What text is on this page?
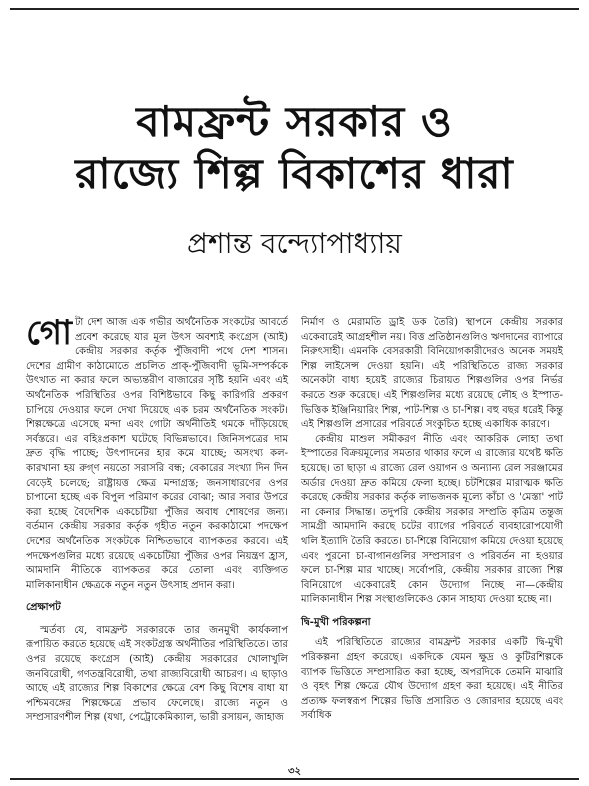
বামফ্রন্ট সরকার ও
রাজ্যে শিল্প বিকাশের ধারা
প্রশান্ত বন্দ্যোপাধ্যায়

গোটা দেশ আজ এক গভীর অর্থনৈতিক সংকটের আবর্তে প্রবেশ করেছে যার মূল উৎস অবশ্যই কংগ্রেস (আই) কেন্দ্রীয় সরকার কর্তৃক পুঁজিবাদী পথে দেশ শাসন। দেশের গ্রামীণ কাঠামোতে প্রচলিত প্রাক্-পুঁজিবাদী ভূমি-সম্পর্ককে উৎখাত না করার ফলে অভ্যন্তরীণ বাজারের সৃষ্টি হয়নি এবং এই অর্থনৈতিক পরিস্থিতির ওপর বিশিষ্টভাবে কিছু কারিগরি প্রকরণ চাপিয়ে দেওয়ার ফলে দেখা দিয়েছে এক চরম অর্থনৈতিক সংকট। শিল্পক্ষেত্রে এসেছে মন্দা এবং গোটা অর্থনীতিই থমকে দাঁড়িয়েছে সর্বস্তরে। এর বহিঃপ্রকাশ ঘটেছে বিভিন্নভাবে। জিনিসপত্রের দাম দ্রুত বৃদ্ধি পাচ্ছে; উৎপাদনের হার কমে যাচ্ছে; অসংখ্য কল-কারখানা হয় রুগ্ণ নয়তো সরাসরি বন্ধ; বেকারের সংখ্যা দিন দিন বেড়েই চলেছে; রাষ্ট্রায়ত্ত ক্ষেত্র মন্দাগ্রস্ত; জনসাধারণের ওপর চাপানো হচ্ছে এক বিপুল পরিমাণ করের বোঝা; আর সবার উপরে করা হচ্ছে বৈদেশিক একচেটিয়া পুঁজির অবাধ শোষণের জন্য। বর্তমান কেন্দ্রীয় সরকার কর্তৃক গৃহীত নতুন করকাঠামো পদক্ষেপ দেশের অর্থনৈতিক সংকটকে নিশ্চিতভাবে ব্যাপকতর করবে। এই পদক্ষেপগুলির মধ্যে রয়েছে একচেটিয়া পুঁজির ওপর নিয়ন্ত্রণ হ্রাস, আমদানি নীতিকে ব্যাপকতর করে তোলা এবং ব্যক্তিগত মালিকানাধীন ক্ষেত্রকে নতুন নতুন উৎসাহ প্রদান করা।

প্রেক্ষাপট

স্মর্তব্য যে, বামফ্রন্ট সরকারকে তার জনমুখী কার্যকলাপ রূপায়িত করতে হয়েছে এই সংকটগ্রস্ত অর্থনীতির পরিস্থিতিতে। তার ওপর রয়েছে কংগ্রেস (আই) কেন্দ্রীয় সরকারের খোলাখুলি জনবিরোধী, গণতন্ত্রবিরোধী, তথা রাজ্যবিরোধী আচরণ। এ ছাড়াও আছে এই রাজ্যের শিল্প বিকাশের ক্ষেত্রে বেশ কিছু বিশেষ বাধা যা পশ্চিমবঙ্গের শিল্পক্ষেত্রে প্রভাব ফেলেছে। রাজ্যে নতুন ও সম্প্রসারণশীল শিল্প (যথা, পেট্রোকেমিক্যাল, ভারী রসায়ন, জাহাজ

নির্মাণ ও মেরামতি ড্রাই ডক তৈরি) স্থাপনে কেন্দ্রীয় সরকার একেবারেই আগ্রহশীল নয়। বিত্ত প্রতিষ্ঠানগুলিও ঋণদানের ব্যাপারে নিরুৎসাহী। এমনকি বেসরকারী বিনিয়োগকারীদেরও অনেক সময়ই শিল্প লাইসেন্স দেওয়া হয়নি। এই পরিস্থিতিতে রাজ্য সরকার অনেকটা বাধ্য হয়েই রাজ্যের চিরায়ত শিল্পগুলির ওপর নির্ভর করতে শুরু করেছে। এই শিল্পগুলির মধ্যে রয়েছে লৌহ ও ইস্পাত-ভিত্তিক ইঞ্জিনিয়ারিং শিল্প, পাট-শিল্প ও চা-শিল্প। বহু বছর ধরেই কিন্তু এই শিল্পগুলি প্রসারের পরিবর্তে সংকুচিত হচ্ছে একাধিক কারণে।

কেন্দ্রীয় মাশুল সমীকরণ নীতি এবং আকরিক লোহা তথা ইস্পাতের বিক্রয়মূল্যের সমতার থাকার ফলে এ রাজ্যের যথেষ্ট ক্ষতি হয়েছে। তা ছাড়া এ রাজ্যে রেল ওয়াগন ও অন্যান্য রেল সরঞ্জামের অর্ডার দেওয়া দ্রুত কমিয়ে ফেলা হচ্ছে। চটশিল্পের মারাত্মক ক্ষতি করেছে কেন্দ্রীয় সরকার কর্তৃক লাভজনক মূল্যে কাঁচা ও 'মেস্তা' পাট না কেনার সিদ্ধান্ত। তদুপরি কেন্দ্রীয় সরকার সম্প্রতি কৃত্রিম তন্তুজ সামগ্রী আমদানি করছে চটের ব্যাগের পরিবর্তে ব্যবহারোপযোগী থলি ইত্যাদি তৈরি করতে। চা-শিল্পে বিনিয়োগ কমিয়ে দেওয়া হয়েছে এবং পুরনো চা-বাগানগুলির সম্প্রসারণ ও পরিবর্তন না হওয়ার ফলে চা-শিল্প মার খাচ্ছে। সর্বোপরি, কেন্দ্রীয় সরকার রাজ্যে শিল্প বিনিয়োগে একেবারেই কোন উদ্যোগ নিচ্ছে না—কেন্দ্রীয় মালিকানাধীন শিল্প সংস্থাগুলিকেও কোন সাহায্য দেওয়া হচ্ছে না।

দ্বি-মুখী পরিকল্পনা

এই পরিস্থিতিতে রাজ্যের বামফ্রন্ট সরকার একটি দ্বি-মুখী পরিকল্পনা গ্রহণ করেছে। একদিকে যেমন ক্ষুদ্র ও কুটিরশিল্পকে ব্যাপক ভিত্তিতে সম্প্রসারিত করা হচ্ছে, অপরদিকে তেমনি মাঝারি ও বৃহৎ শিল্প ক্ষেত্রে যৌথ উদ্যোগ গ্রহণ করা হয়েছে। এই নীতির প্রত্যক্ষ ফলস্বরূপ শিল্পের ভিত্তি প্রসারিত ও জোরদার হয়েছে এবং সর্বাধিক

৩২
